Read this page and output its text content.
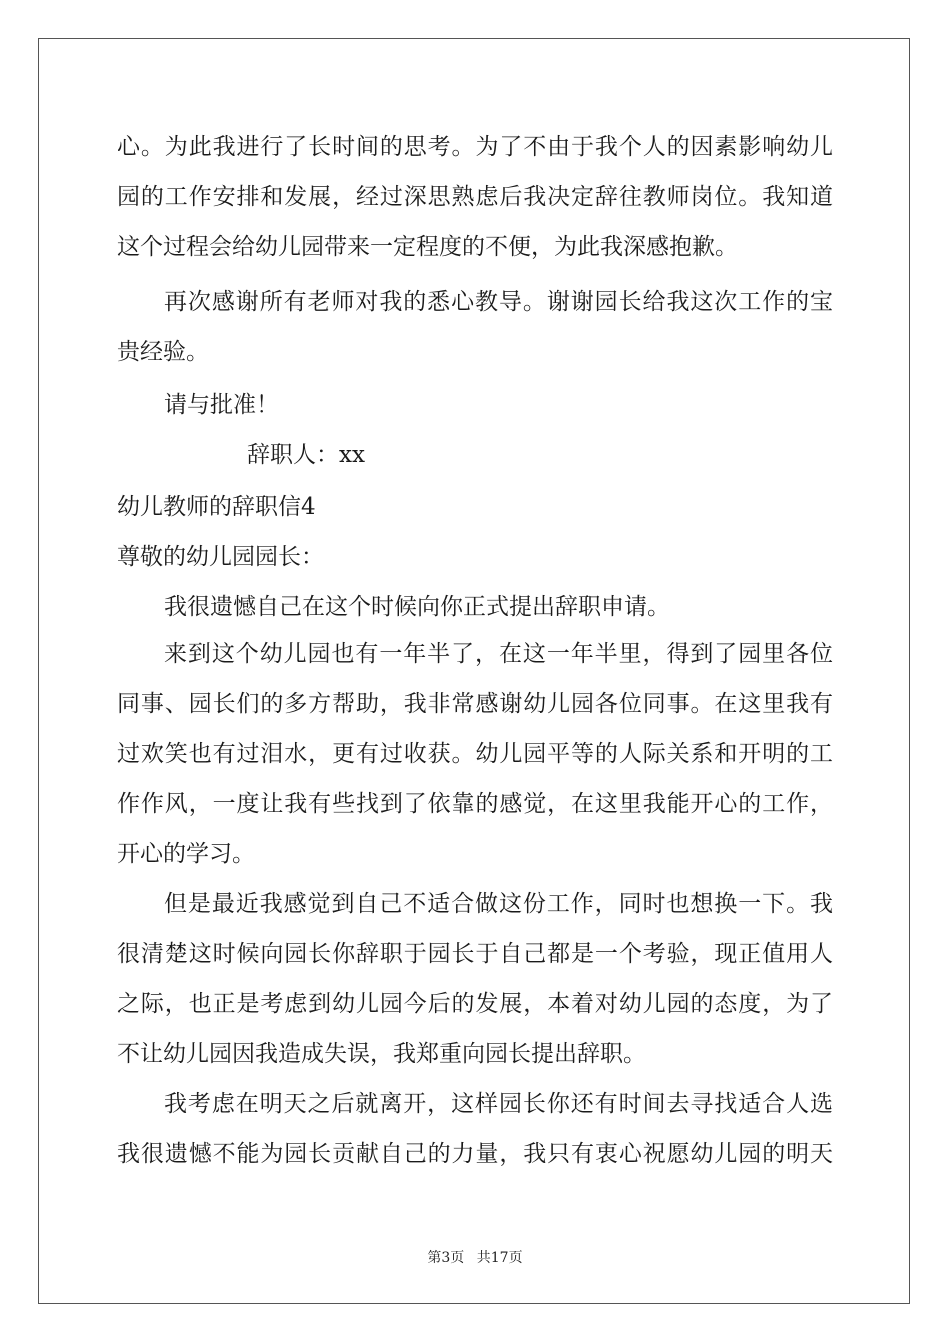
心。为此我进行了长时间的思考。为了不由于我个人的因素影响幼儿
园的工作安排和发展，经过深思熟虑后我决定辞往教师岗位。我知道
这个过程会给幼儿园带来一定程度的不便，为此我深感抱歉。
再次感谢所有老师对我的悉心教导。谢谢园长给我这次工作的宝
贵经验。
请与批准！
辞职人：xx
幼儿教师的辞职信4
尊敬的幼儿园园长：
我很遗憾自己在这个时候向你正式提出辞职申请。
来到这个幼儿园也有一年半了，在这一年半里，得到了园里各位
同事、园长们的多方帮助，我非常感谢幼儿园各位同事。在这里我有
过欢笑也有过泪水，更有过收获。幼儿园平等的人际关系和开明的工
作作风，一度让我有些找到了依靠的感觉，在这里我能开心的工作，
开心的学习。
但是最近我感觉到自己不适合做这份工作，同时也想换一下。我
很清楚这时候向园长你辞职于园长于自己都是一个考验，现正值用人
之际，也正是考虑到幼儿园今后的发展，本着对幼儿园的态度，为了
不让幼儿园因我造成失误，我郑重向园长提出辞职。
我考虑在明天之后就离开，这样园长你还有时间去寻找适合人选
我很遗憾不能为园长贡献自己的力量，我只有衷心祝愿幼儿园的明天
第3页 共17页
